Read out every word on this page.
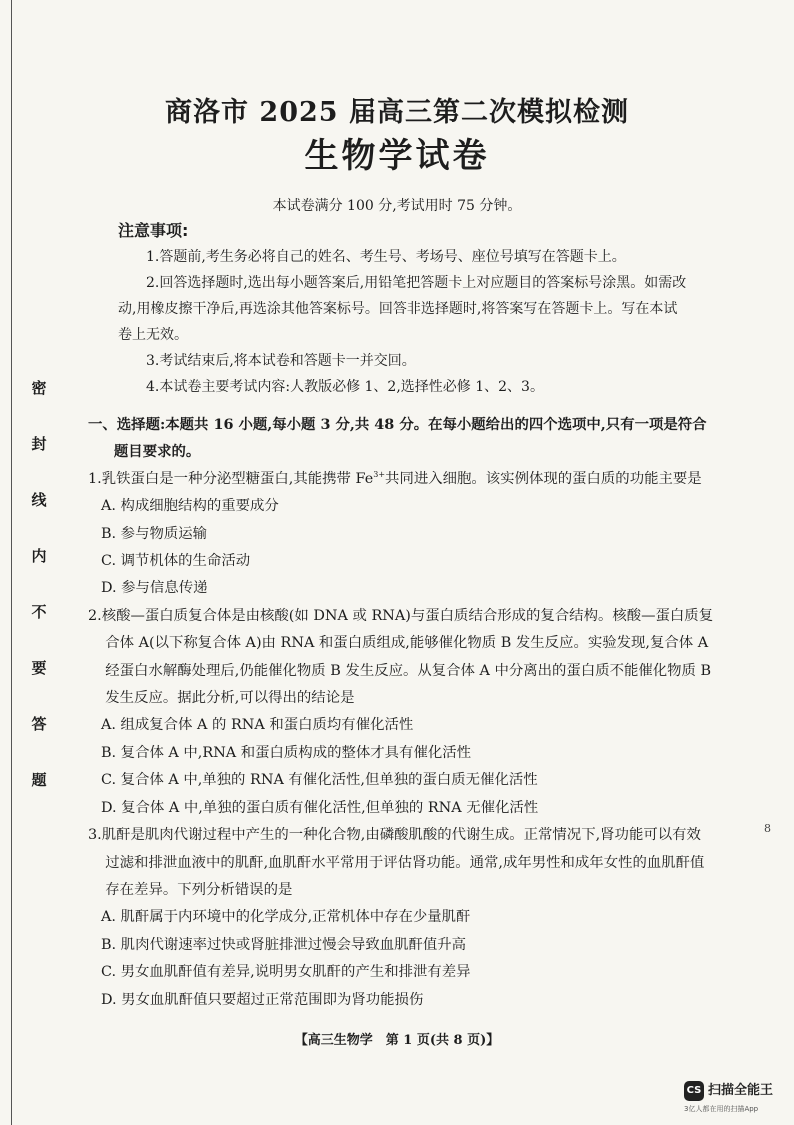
密
封
线
内
不
要
答
题
商洛市 2025 届高三第二次模拟检测
生物学试卷
本试卷满分 100 分,考试用时 75 分钟。
注意事项:

1.答题前,考生务必将自己的姓名、考生号、考场号、座位号填写在答题卡上。

2.回答选择题时,选出每小题答案后,用铅笔把答题卡上对应题目的答案标号涂黑。如需改动,用橡皮擦干净后,再选涂其他答案标号。回答非选择题时,将答案写在答题卡上。写在本试卷上无效。

3.考试结束后,将本试卷和答题卡一并交回。

4.本试卷主要考试内容:人教版必修 1、2,选择性必修 1、2、3。

一、选择题:本题共 16 小题,每小题 3 分,共 48 分。在每小题给出的四个选项中,只有一项是符合题目要求的。

1.乳铁蛋白是一种分泌型糖蛋白,其能携带 $Fe^{3+}$共同进入细胞。该实例体现的蛋白质的功能主要是

A. 构成细胞结构的重要成分

B. 参与物质运输

C. 调节机体的生命活动

D. 参与信息传递

2.核酸—蛋白质复合体是由核酸(如 DNA 或 RNA)与蛋白质结合形成的复合结构。核酸—蛋白质复合体 A(以下称复合体 A)由 RNA 和蛋白质组成,能够催化物质 B 发生反应。实验发现,复合体 A 经蛋白水解酶处理后,仍能催化物质 B 发生反应。从复合体 A 中分离出的蛋白质不能催化物质 B 发生反应。据此分析,可以得出的结论是

A. 组成复合体 A 的 RNA 和蛋白质均有催化活性

B. 复合体 A 中,RNA 和蛋白质构成的整体才具有催化活性

C. 复合体 A 中,单独的 RNA 有催化活性,但单独的蛋白质无催化活性

D. 复合体 A 中,单独的蛋白质有催化活性,但单独的 RNA 无催化活性

3.肌酐是肌肉代谢过程中产生的一种化合物,由磷酸肌酸的代谢生成。正常情况下,肾功能可以有效过滤和排泄血液中的肌酐,血肌酐水平常用于评估肾功能。通常,成年男性和成年女性的血肌酐值存在差异。下列分析错误的是

A. 肌酐属于内环境中的化学成分,正常机体中存在少量肌酐

B. 肌肉代谢速率过快或肾脏排泄过慢会导致血肌酐值升高

C. 男女血肌酐值有差异,说明男女肌酐的产生和排泄有差异

D. 男女血肌酐值只要超过正常范围即为肾功能损伤

8
【高三生物学　第 1 页(共 8 页)】
CS 扫描全能王
3亿人都在用的扫描App
